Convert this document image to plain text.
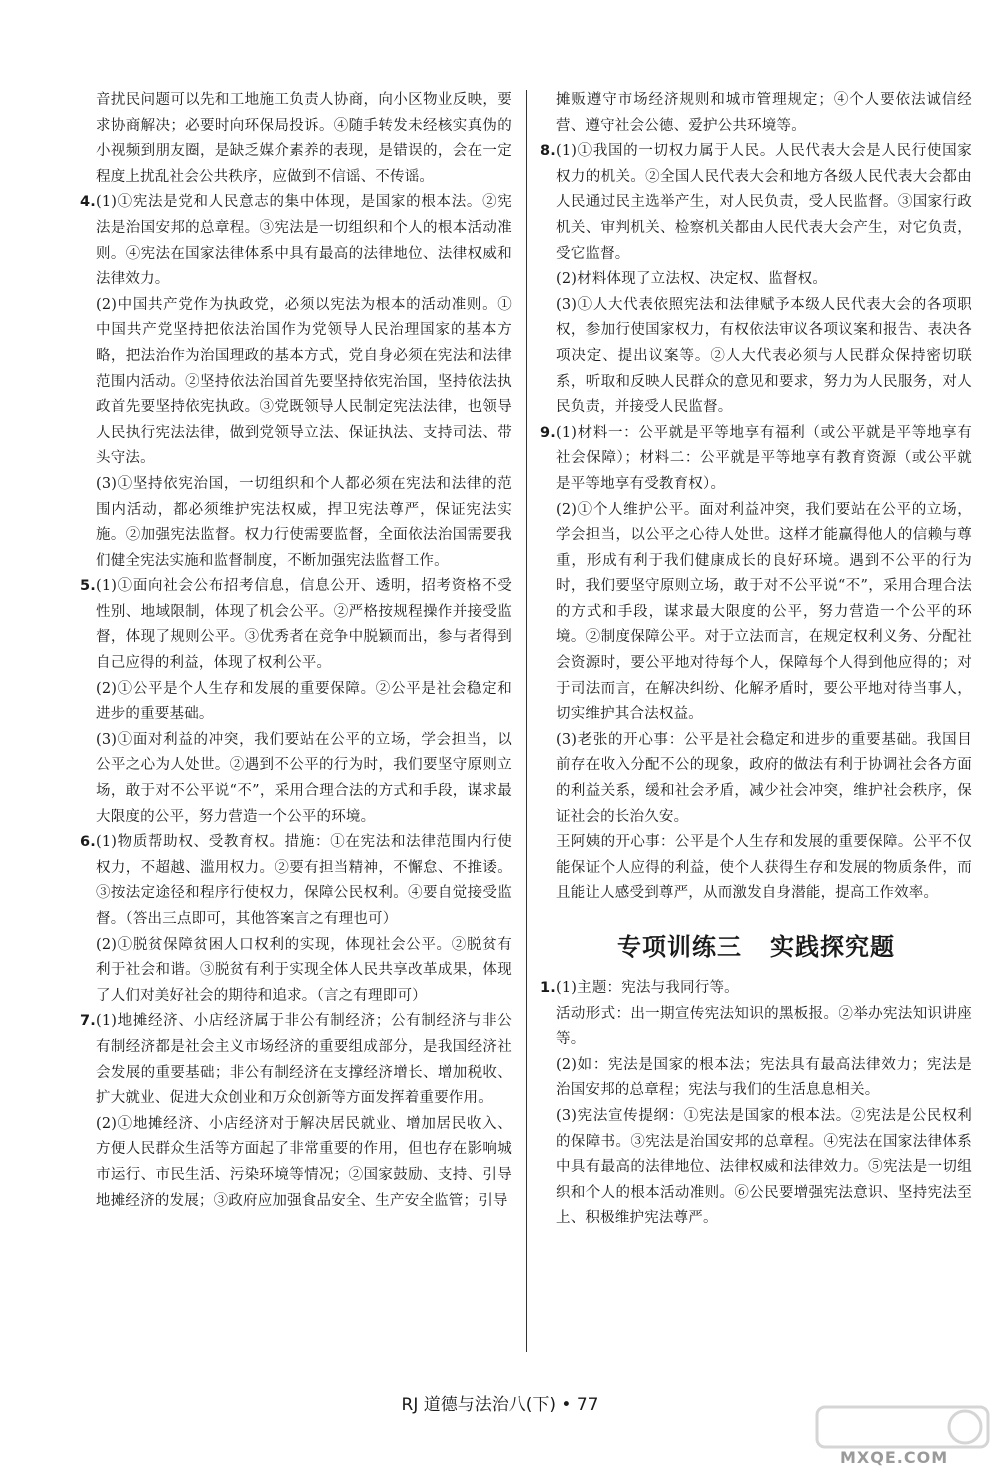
音扰民问题可以先和工地施工负责人协商，向小区物业反映，要求协商解决；必要时向环保局投诉。④随手转发未经核实真伪的小视频到朋友圈，是缺乏媒介素养的表现，是错误的，会在一定程度上扰乱社会公共秩序，应做到不信谣、不传谣。

4.(1)①宪法是党和人民意志的集中体现，是国家的根本法。②宪法是治国安邦的总章程。③宪法是一切组织和个人的根本活动准则。④宪法在国家法律体系中具有最高的法律地位、法律权威和法律效力。

(2)中国共产党作为执政党，必须以宪法为根本的活动准则。①中国共产党坚持把依法治国作为党领导人民治理国家的基本方略，把法治作为治国理政的基本方式，党自身必须在宪法和法律范围内活动。②坚持依法治国首先要坚持依宪治国，坚持依法执政首先要坚持依宪执政。③党既领导人民制定宪法法律，也领导人民执行宪法法律，做到党领导立法、保证执法、支持司法、带头守法。

(3)①坚持依宪治国，一切组织和个人都必须在宪法和法律的范围内活动，都必须维护宪法权威，捍卫宪法尊严，保证宪法实施。②加强宪法监督。权力行使需要监督，全面依法治国需要我们健全宪法实施和监督制度，不断加强宪法监督工作。

5.(1)①面向社会公布招考信息，信息公开、透明，招考资格不受性别、地域限制，体现了机会公平。②严格按规程操作并接受监督，体现了规则公平。③优秀者在竞争中脱颖而出，参与者得到自己应得的利益，体现了权利公平。

(2)①公平是个人生存和发展的重要保障。②公平是社会稳定和进步的重要基础。

(3)①面对利益的冲突，我们要站在公平的立场，学会担当，以公平之心为人处世。②遇到不公平的行为时，我们要坚守原则立场，敢于对不公平说“不”，采用合理合法的方式和手段，谋求最大限度的公平，努力营造一个公平的环境。

6.(1)物质帮助权、受教育权。措施：①在宪法和法律范围内行使权力，不超越、滥用权力。②要有担当精神，不懈怠、不推诿。③按法定途径和程序行使权力，保障公民权利。④要自觉接受监督。（答出三点即可，其他答案言之有理也可）

(2)①脱贫保障贫困人口权利的实现，体现社会公平。②脱贫有利于社会和谐。③脱贫有利于实现全体人民共享改革成果，体现了人们对美好社会的期待和追求。（言之有理即可）

7.(1)地摊经济、小店经济属于非公有制经济；公有制经济与非公有制经济都是社会主义市场经济的重要组成部分，是我国经济社会发展的重要基础；非公有制经济在支撑经济增长、增加税收、扩大就业、促进大众创业和万众创新等方面发挥着重要作用。

(2)①地摊经济、小店经济对于解决居民就业、增加居民收入、方便人民群众生活等方面起了非常重要的作用，但也存在影响城市运行、市民生活、污染环境等情况；②国家鼓励、支持、引导地摊经济的发展；③政府应加强食品安全、生产安全监管；引导

摊贩遵守市场经济规则和城市管理规定；④个人要依法诚信经营、遵守社会公德、爱护公共环境等。

8.(1)①我国的一切权力属于人民。人民代表大会是人民行使国家权力的机关。②全国人民代表大会和地方各级人民代表大会都由人民通过民主选举产生，对人民负责，受人民监督。③国家行政机关、审判机关、检察机关都由人民代表大会产生，对它负责，受它监督。

(2)材料体现了立法权、决定权、监督权。

(3)①人大代表依照宪法和法律赋予本级人民代表大会的各项职权，参加行使国家权力，有权依法审议各项议案和报告、表决各项决定、提出议案等。②人大代表必须与人民群众保持密切联系，听取和反映人民群众的意见和要求，努力为人民服务，对人民负责，并接受人民监督。

9.(1)材料一：公平就是平等地享有福利（或公平就是平等地享有社会保障）；材料二：公平就是平等地享有教育资源（或公平就是平等地享有受教育权）。

(2)①个人维护公平。面对利益冲突，我们要站在公平的立场，学会担当，以公平之心待人处世。这样才能赢得他人的信赖与尊重，形成有利于我们健康成长的良好环境。遇到不公平的行为时，我们要坚守原则立场，敢于对不公平说“不”，采用合理合法的方式和手段，谋求最大限度的公平，努力营造一个公平的环境。②制度保障公平。对于立法而言，在规定权利义务、分配社会资源时，要公平地对待每个人，保障每个人得到他应得的；对于司法而言，在解决纠纷、化解矛盾时，要公平地对待当事人，切实维护其合法权益。

(3)老张的开心事：公平是社会稳定和进步的重要基础。我国目前存在收入分配不公的现象，政府的做法有利于协调社会各方面的利益关系，缓和社会矛盾，减少社会冲突，维护社会秩序，保证社会的长治久安。

王阿姨的开心事：公平是个人生存和发展的重要保障。公平不仅能保证个人应得的利益，使个人获得生存和发展的物质条件，而且能让人感受到尊严，从而激发自身潜能，提高工作效率。

专项训练三 实践探究题

1.(1)主题：宪法与我同行等。

活动形式：出一期宣传宪法知识的黑板报。②举办宪法知识讲座等。

(2)如：宪法是国家的根本法；宪法具有最高法律效力；宪法是治国安邦的总章程；宪法与我们的生活息息相关。

(3)宪法宣传提纲：①宪法是国家的根本法。②宪法是公民权利的保障书。③宪法是治国安邦的总章程。④宪法在国家法律体系中具有最高的法律地位、法律权威和法律效力。⑤宪法是一切组织和个人的根本活动准则。⑥公民要增强宪法意识、坚持宪法至上、积极维护宪法尊严。

RJ 道德与法治八(下) • 77
MXQE.COM
